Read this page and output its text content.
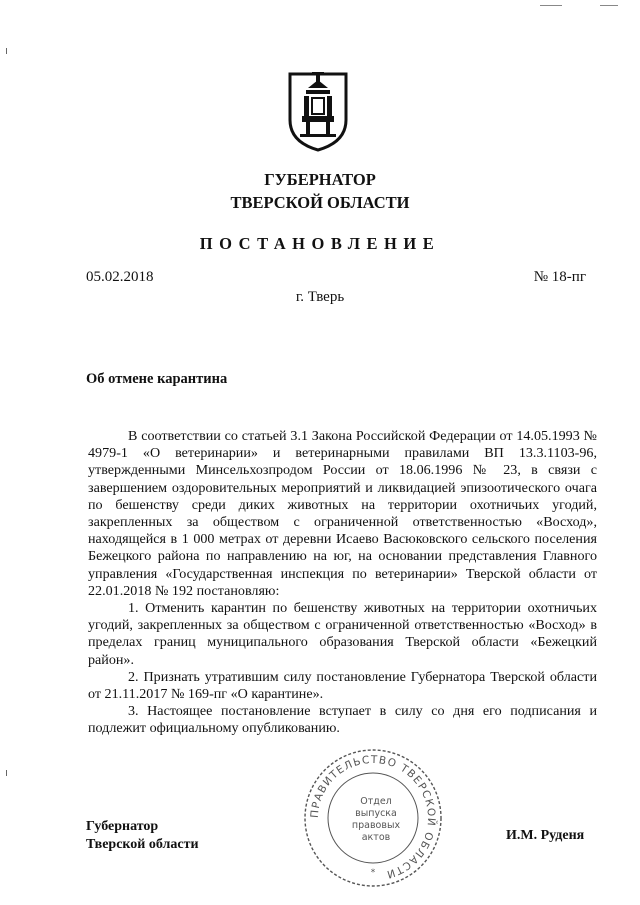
ГУБЕРНАТОР
ТВЕРСКОЙ ОБЛАСТИ
ПОСТАНОВЛЕНИЕ
05.02.2018	№ 18-пг
г. Тверь
Об отмене карантина

В соответствии со статьей 3.1 Закона Российской Федерации от 14.05.1993 № 4979-1 «О ветеринарии» и ветеринарными правилами ВП 13.3.1103-96, утвержденными Минсельхозпродом России от 18.06.1996 № 23, в связи с завершением оздоровительных мероприятий и ликвидацией эпизоотического очага по бешенству среди диких животных на территории охотничьих угодий, закрепленных за обществом с ограниченной ответственностью «Восход», находящейся в 1 000 метрах от деревни Исаево Васюковского сельского поселения Бежецкого района по направлению на юг, на основании представления Главного управления «Государственная инспекция по ветеринарии» Тверской области от 22.01.2018 № 192 постановляю:

1. Отменить карантин по бешенству животных на территории охотничьих угодий, закрепленных за обществом с ограниченной ответственностью «Восход» в пределах границ муниципального образования Тверской области «Бежецкий район».

2. Признать утратившим силу постановление Губернатора Тверской области от 21.11.2017 № 169-пг «О карантине».

3. Настоящее постановление вступает в силу со дня его подписания и подлежит официальному опубликованию.

ПРАВИТЕЛЬСТВО ТВЕРСКОЙ ОБЛАСТИ
*
Отдел
выпуска
правовых
актов
Губернатор
Тверской области
И.М. Руденя
